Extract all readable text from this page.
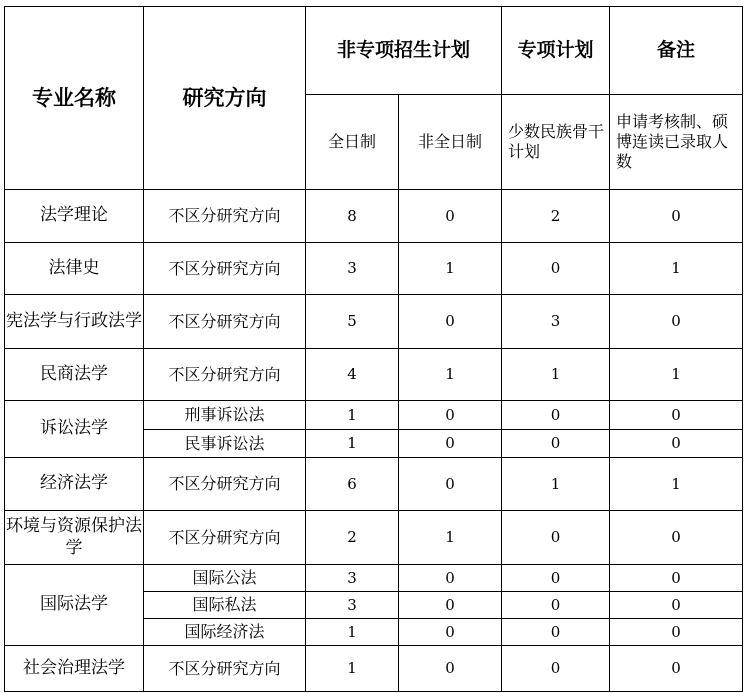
专业名称	研究方向	非专项招生计划		专项计划	备注
		全日制	非全日制	少数民族骨干计划	申请考核制、硕博连读已录取人数
法学理论	不区分研究方向	8	0	2	0
法律史	不区分研究方向	3	1	0	1
宪法学与行政法学	不区分研究方向	5	0	3	0
民商法学	不区分研究方向	4	1	1	1
诉讼法学	刑事诉讼法	1	0	0	0
	民事诉讼法	1	0	0	0
经济法学	不区分研究方向	6	0	1	1
环境与资源保护法学	不区分研究方向	2	1	0	0
国际法学	国际公法	3	0	0	0
	国际私法	3	0	0	0
	国际经济法	1	0	0	0
社会治理法学	不区分研究方向	1	0	0	0
